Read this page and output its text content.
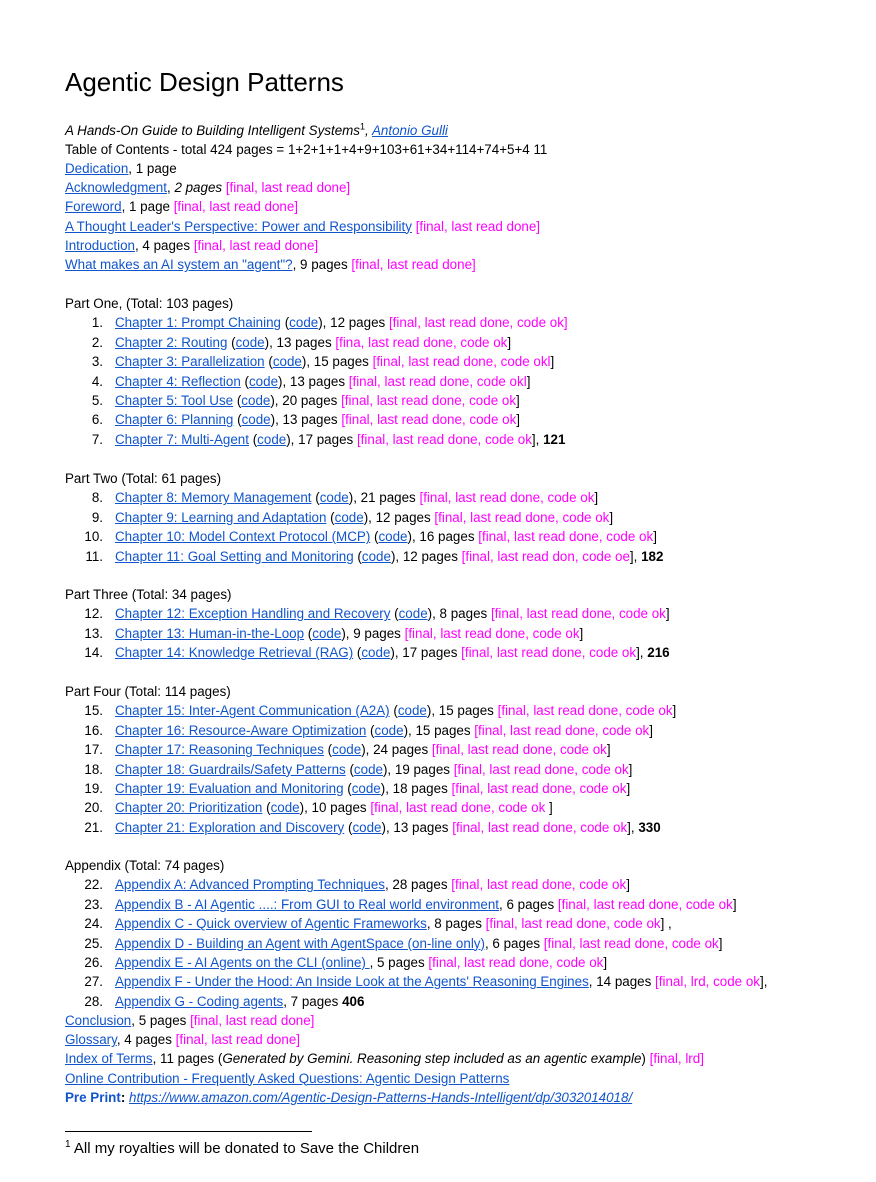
Agentic Design Patterns
A Hands-On Guide to Building Intelligent Systems$^1$, Antonio Gulli
Table of Contents - total 424 pages = 1+2+1+1+4+9+103+61+34+114+74+5+4 11
Dedication, 1 page
Acknowledgment, 2 pages [final, last read done]
Foreword, 1 page [final, last read done]
A Thought Leader's Perspective: Power and Responsibility [final, last read done]
Introduction, 4 pages [final, last read done]
What makes an AI system an "agent"?, 9 pages [final, last read done]
Part One, (Total: 103 pages)
1. Chapter 1: Prompt Chaining (code), 12 pages [final, last read done, code ok]
2. Chapter 2: Routing (code), 13 pages [fina, last read done, code ok]
3. Chapter 3: Parallelization (code), 15 pages [final, last read done, code okl]
4. Chapter 4: Reflection (code), 13 pages [final, last read done, code okl]
5. Chapter 5: Tool Use (code), 20 pages [final, last read done, code ok]
6. Chapter 6: Planning (code), 13 pages [final, last read done, code ok]
7. Chapter 7: Multi-Agent (code), 17 pages [final, last read done, code ok], 121
Part Two (Total: 61 pages)
8. Chapter 8: Memory Management (code), 21 pages [final, last read done, code ok]
9. Chapter 9: Learning and Adaptation (code), 12 pages [final, last read done, code ok]
10. Chapter 10: Model Context Protocol (MCP) (code), 16 pages [final, last read done, code ok]
11. Chapter 11: Goal Setting and Monitoring (code), 12 pages [final, last read don, code oe], 182
Part Three (Total: 34 pages)
12. Chapter 12: Exception Handling and Recovery (code), 8 pages [final, last read done, code ok]
13. Chapter 13: Human-in-the-Loop (code), 9 pages [final, last read done, code ok]
14. Chapter 14: Knowledge Retrieval (RAG) (code), 17 pages [final, last read done, code ok], 216
Part Four (Total: 114 pages)
15. Chapter 15: Inter-Agent Communication (A2A) (code), 15 pages [final, last read done, code ok]
16. Chapter 16: Resource-Aware Optimization (code), 15 pages [final, last read done, code ok]
17. Chapter 17: Reasoning Techniques (code), 24 pages [final, last read done, code ok]
18. Chapter 18: Guardrails/Safety Patterns (code), 19 pages [final, last read done, code ok]
19. Chapter 19: Evaluation and Monitoring (code), 18 pages [final, last read done, code ok]
20. Chapter 20: Prioritization (code), 10 pages [final, last read done, code ok ]
21. Chapter 21: Exploration and Discovery (code), 13 pages [final, last read done, code ok], 330
Appendix (Total: 74 pages)
22. Appendix A: Advanced Prompting Techniques, 28 pages [final, last read done, code ok]
23. Appendix B - AI Agentic ....: From GUI to Real world environment, 6 pages [final, last read done, code ok]
24. Appendix C - Quick overview of Agentic Frameworks, 8 pages [final, last read done, code ok] ,
25. Appendix D - Building an Agent with AgentSpace (on-line only), 6 pages [final, last read done, code ok]
26. Appendix E - AI Agents on the CLI (online) , 5 pages [final, last read done, code ok]
27. Appendix F - Under the Hood: An Inside Look at the Agents' Reasoning Engines, 14 pages [final, lrd, code ok],
28. Appendix G - Coding agents, 7 pages 406
Conclusion, 5 pages [final, last read done]
Glossary, 4 pages [final, last read done]
Index of Terms, 11 pages (Generated by Gemini. Reasoning step included as an agentic example) [final, lrd]
Online Contribution - Frequently Asked Questions: Agentic Design Patterns
Pre Print: https://www.amazon.com/Agentic-Design-Patterns-Hands-Intelligent/dp/3032014018/
$^1$ All my royalties will be donated to Save the Children
